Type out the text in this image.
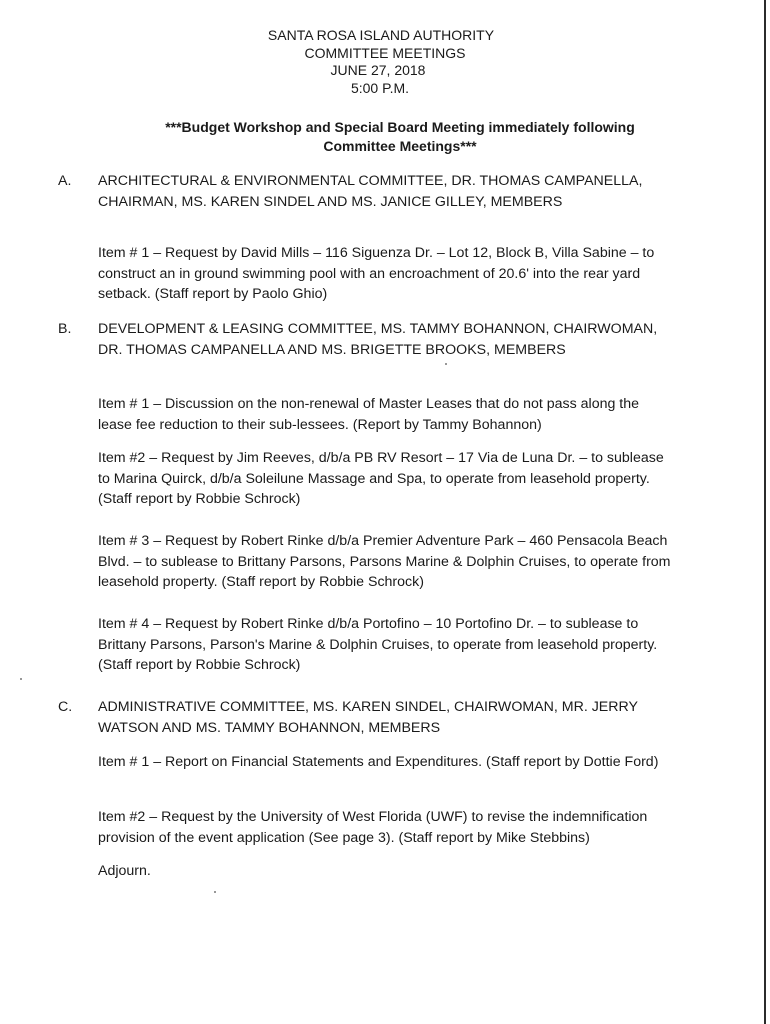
SANTA ROSA ISLAND AUTHORITY
COMMITTEE MEETINGS
JUNE 27, 2018
5:00 P.M.
***Budget Workshop and Special Board Meeting immediately following
Committee Meetings***
A. ARCHITECTURAL & ENVIRONMENTAL COMMITTEE, DR. THOMAS CAMPANELLA, CHAIRMAN, MS. KAREN SINDEL AND MS. JANICE GILLEY, MEMBERS
Item # 1 – Request by David Mills – 116 Siguenza Dr. – Lot 12, Block B, Villa Sabine – to construct an in ground swimming pool with an encroachment of 20.6' into the rear yard setback. (Staff report by Paolo Ghio)
B. DEVELOPMENT & LEASING COMMITTEE, MS. TAMMY BOHANNON, CHAIRWOMAN, DR. THOMAS CAMPANELLA AND MS. BRIGETTE BROOKS, MEMBERS
Item # 1 – Discussion on the non-renewal of Master Leases that do not pass along the lease fee reduction to their sub-lessees. (Report by Tammy Bohannon)
Item #2 – Request by Jim Reeves, d/b/a PB RV Resort – 17 Via de Luna Dr. – to sublease to Marina Quirck, d/b/a Soleilune Massage and Spa, to operate from leasehold property. (Staff report by Robbie Schrock)
Item # 3 – Request by Robert Rinke d/b/a Premier Adventure Park – 460 Pensacola Beach Blvd. – to sublease to Brittany Parsons, Parsons Marine & Dolphin Cruises, to operate from leasehold property. (Staff report by Robbie Schrock)
Item # 4 – Request by Robert Rinke d/b/a Portofino – 10 Portofino Dr. – to sublease to Brittany Parsons, Parson's Marine & Dolphin Cruises, to operate from leasehold property. (Staff report by Robbie Schrock)
C. ADMINISTRATIVE COMMITTEE, MS. KAREN SINDEL, CHAIRWOMAN, MR. JERRY WATSON AND MS. TAMMY BOHANNON, MEMBERS
Item # 1 – Report on Financial Statements and Expenditures. (Staff report by Dottie Ford)
Item #2 – Request by the University of West Florida (UWF) to revise the indemnification provision of the event application (See page 3). (Staff report by Mike Stebbins)
Adjourn.
